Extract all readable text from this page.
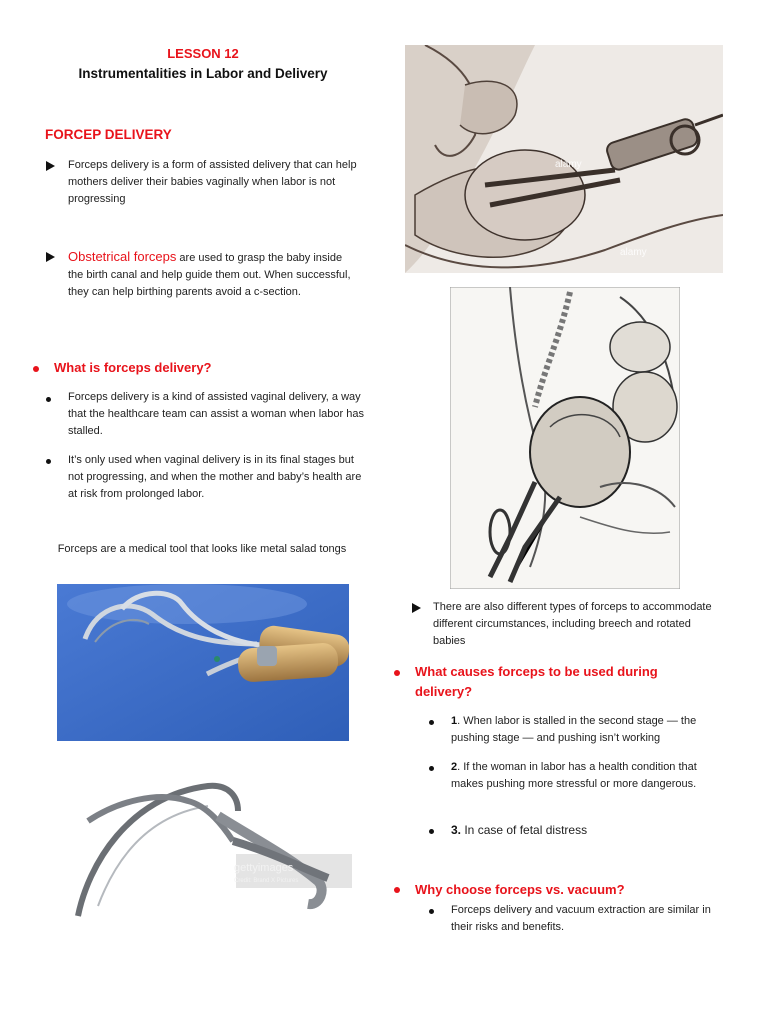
LESSON 12
Instrumentalities in Labor and Delivery
FORCEP DELIVERY
Forceps delivery is a form of assisted delivery that can help mothers deliver their babies vaginally when labor is not progressing
Obstetrical forceps are used to grasp the baby inside the birth canal and help guide them out. When successful, they can help birthing parents avoid a c-section.
What is forceps delivery?
Forceps delivery is a kind of assisted vaginal delivery, a way that the healthcare team can assist a woman when labor has stalled.
It’s only used when vaginal delivery is in its final stages but not progressing, and when the mother and baby’s health are at risk from prolonged labor.
Forceps are a medical tool that looks like metal salad tongs
gettyimages
Credit: Brand X Pictures
alamy
alamy
There are also different types of forceps to accommodate different circumstances, including breech and rotated babies
What causes forceps to be used during delivery?
1. When labor is stalled in the second stage — the pushing stage — and pushing isn’t working
2. If the woman in labor has a health condition that makes pushing more stressful or more dangerous.
3. In case of fetal distress
Why choose forceps vs. vacuum?
Forceps delivery and vacuum extraction are similar in their risks and benefits.
